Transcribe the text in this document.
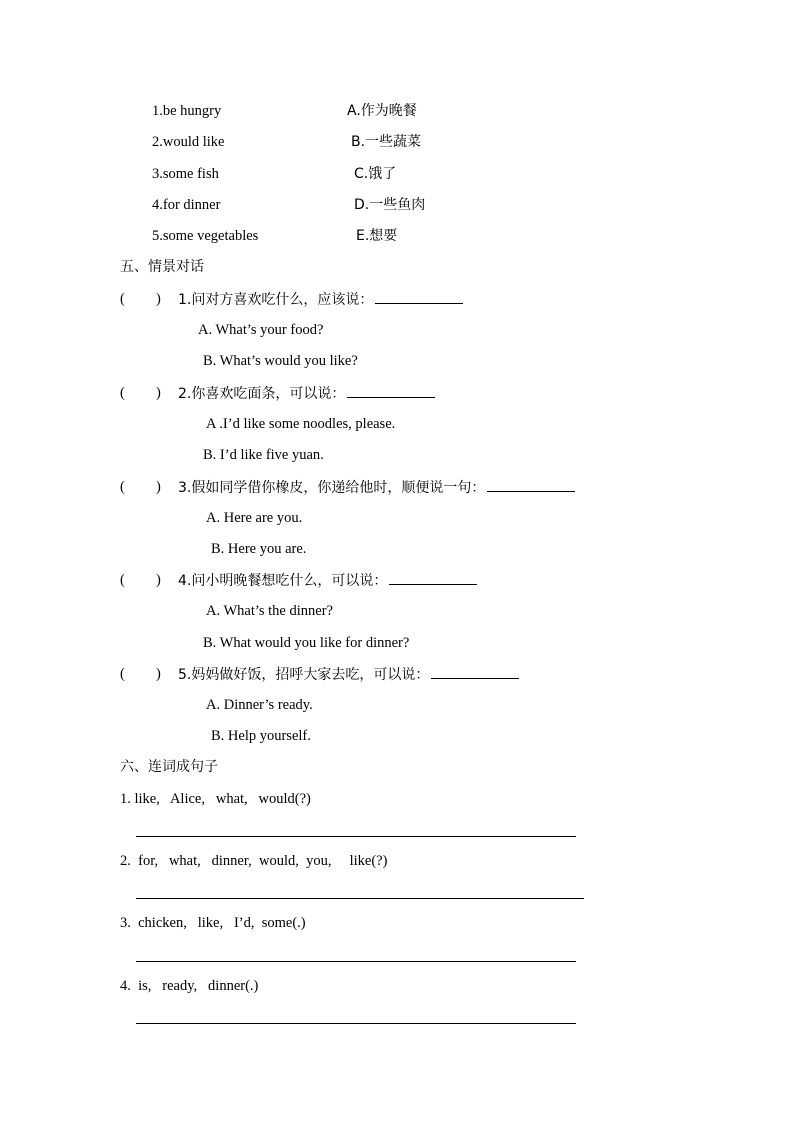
1.be hungry	A.作为晚餐
2.would like	B.一些蔬菜
3.some fish	C.饿了
4.for dinner	D.一些鱼肉
5.some vegetables	E.想要
五、情景对话
( ) 1.问对方喜欢吃什么，应该说：
A. What’s your food?
B. What’s would you like?
( ) 2.你喜欢吃面条，可以说：
A .I’d like some noodles, please.
B. I’d like five yuan.
( ) 3.假如同学借你橡皮，你递给他时，顺便说一句：
A. Here are you.
B. Here you are.
( ) 4.问小明晚餐想吃什么，可以说：
A. What’s the dinner?
B. What would you like for dinner?
( ) 5.妈妈做好饭，招呼大家去吃，可以说：
A. Dinner’s ready.
B. Help yourself.
六、连词成句子
1. like,   Alice,   what,   would(?)
2.  for,   what,   dinner,  would,  you,     like(?)
3.  chicken,   like,   I’d,  some(.)
4.  is,   ready,   dinner(.)
